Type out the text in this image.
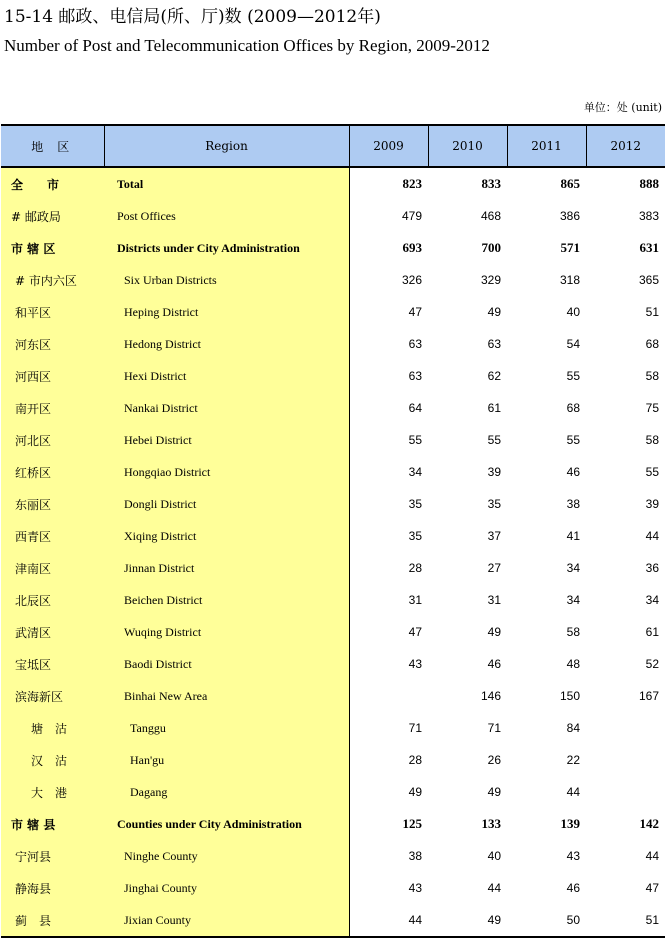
15-14 邮政、电信局(所、厅)数 (2009—2012年)
Number of Post and Telecommunication Offices by Region, 2009-2012
单位：处 (unit)
地区	Region	2009	2010	2011	2012
全　　市	Total	823	833	865	888
# 邮政局	Post Offices	479	468	386	383
市 辖 区	Districts under City Administration	693	700	571	631
# 市内六区	Six Urban Districts	326	329	318	365
和平区	Heping District	47	49	40	51
河东区	Hedong District	63	63	54	68
河西区	Hexi District	63	62	55	58
南开区	Nankai District	64	61	68	75
河北区	Hebei District	55	55	55	58
红桥区	Hongqiao District	34	39	46	55
东丽区	Dongli District	35	35	38	39
西青区	Xiqing District	35	37	41	44
津南区	Jinnan District	28	27	34	36
北辰区	Beichen District	31	31	34	34
武清区	Wuqing District	47	49	58	61
宝坻区	Baodi District	43	46	48	52
滨海新区	Binhai New Area		146	150	167
塘　沽	Tanggu	71	71	84	
汉　沽	Han'gu	28	26	22	
大　港	Dagang	49	49	44	
市 辖 县	Counties under City Administration	125	133	139	142
宁河县	Ninghe County	38	40	43	44
静海县	Jinghai County	43	44	46	47
蓟　县	Jixian County	44	49	50	51
